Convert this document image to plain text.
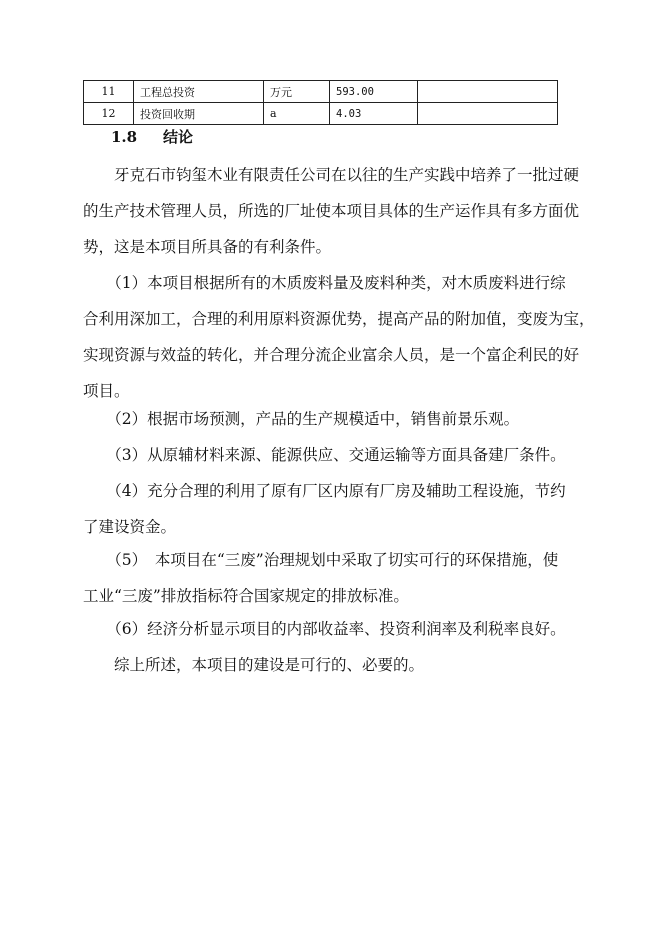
11	工程总投资	万元	593.00	
12	投资回收期	a	4.03	
1.8 结论
　　牙克石市钧玺木业有限责任公司在以往的生产实践中培养了一批过硬
的生产技术管理人员，所选的厂址使本项目具体的生产运作具有多方面优
势，这是本项目所具备的有利条件。
　　（1）本项目根据所有的木质废料量及废料种类，对木质废料进行综
合利用深加工，合理的利用原料资源优势，提高产品的附加值，变废为宝，
实现资源与效益的转化，并合理分流企业富余人员，是一个富企利民的好
项目。
　　（2）根据市场预测，产品的生产规模适中，销售前景乐观。
　　（3）从原辅材料来源、能源供应、交通运输等方面具备建厂条件。
　　（4）充分合理的利用了原有厂区内原有厂房及辅助工程设施，节约
了建设资金。
　　（5）　本项目在“三废”治理规划中采取了切实可行的环保措施，使
工业“三废”排放指标符合国家规定的排放标准。
　　（6）经济分析显示项目的内部收益率、投资利润率及利税率良好。
　　综上所述，本项目的建设是可行的、必要的。
